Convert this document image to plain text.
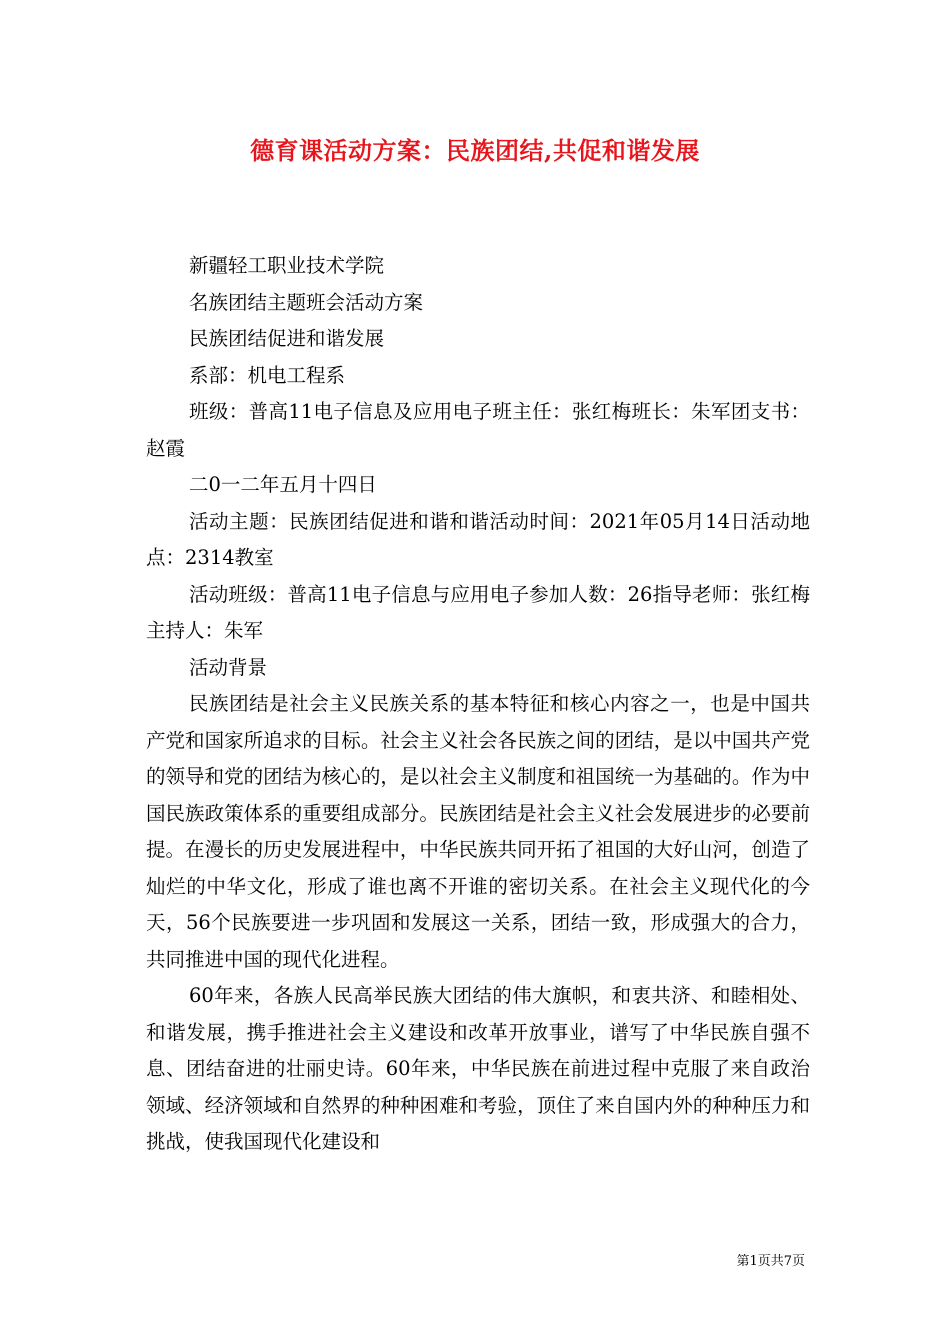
德育课活动方案：民族团结,共促和谐发展

新疆轻工职业技术学院

名族团结主题班会活动方案

民族团结促进和谐发展

系部：机电工程系

班级：普高11电子信息及应用电子班主任：张红梅班长：朱军团支书：赵霞

二0一二年五月十四日

活动主题：民族团结促进和谐和谐活动时间：2021年05月14日活动地点：2314教室

活动班级：普高11电子信息与应用电子参加人数：26指导老师：张红梅主持人：朱军

活动背景

民族团结是社会主义民族关系的基本特征和核心内容之一，也是中国共产党和国家所追求的目标。社会主义社会各民族之间的团结，是以中国共产党的领导和党的团结为核心的，是以社会主义制度和祖国统一为基础的。作为中国民族政策体系的重要组成部分。民族团结是社会主义社会发展进步的必要前提。在漫长的历史发展进程中，中华民族共同开拓了祖国的大好山河，创造了灿烂的中华文化，形成了谁也离不开谁的密切关系。在社会主义现代化的今天，56个民族要进一步巩固和发展这一关系，团结一致，形成强大的合力，共同推进中国的现代化进程。

60年来，各族人民高举民族大团结的伟大旗帜，和衷共济、和睦相处、和谐发展，携手推进社会主义建设和改革开放事业，谱写了中华民族自强不息、团结奋进的壮丽史诗。60年来，中华民族在前进过程中克服了来自政治领域、经济领域和自然界的种种困难和考验，顶住了来自国内外的种种压力和挑战，使我国现代化建设和

第1页共7页
